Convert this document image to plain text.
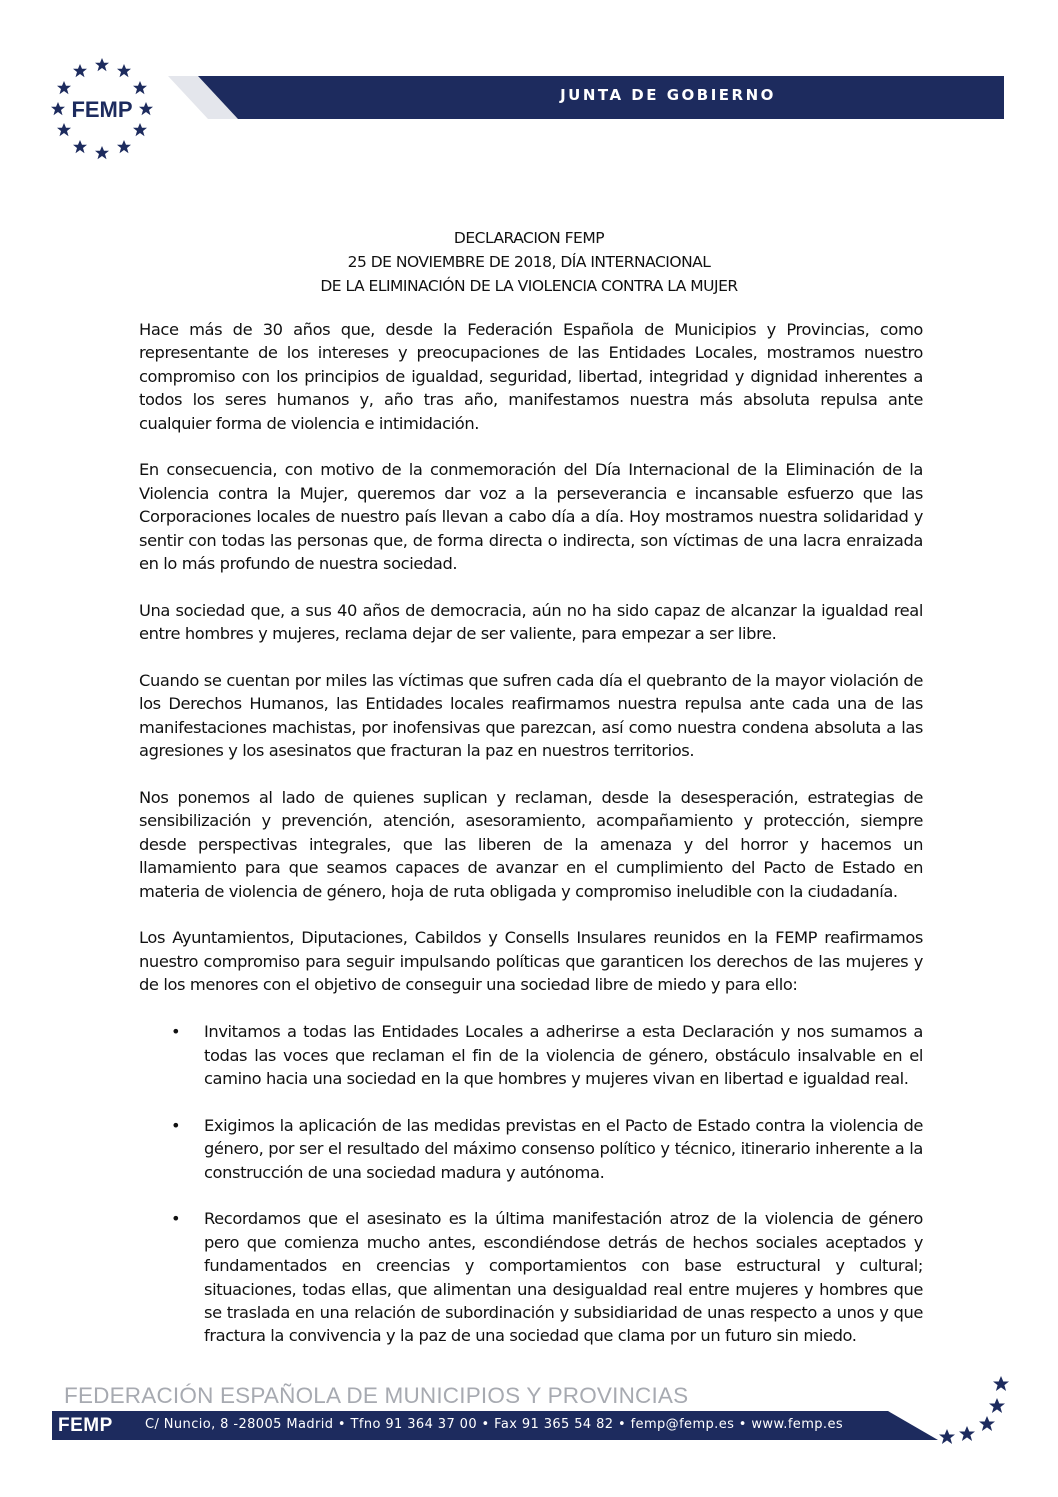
FEMP
JUNTA DE GOBIERNO
DECLARACION FEMP
25 DE NOVIEMBRE DE 2018, DÍA INTERNACIONAL
DE LA ELIMINACIÓN DE LA VIOLENCIA CONTRA LA MUJER

Hace más de 30 años que, desde la Federación Española de Municipios y Provincias, como representante de los intereses y preocupaciones de las Entidades Locales, mostramos nuestro compromiso con los principios de igualdad, seguridad, libertad, integridad y dignidad inherentes a todos los seres humanos y, año tras año, manifestamos nuestra más absoluta repulsa ante cualquier forma de violencia e intimidación.

En consecuencia, con motivo de la conmemoración del Día Internacional de la Eliminación de la Violencia contra la Mujer, queremos dar voz a la perseverancia e incansable esfuerzo que las Corporaciones locales de nuestro país llevan a cabo día a día. Hoy mostramos nuestra solidaridad y sentir con todas las personas que, de forma directa o indirecta, son víctimas de una lacra enraizada en lo más profundo de nuestra sociedad.

Una sociedad que, a sus 40 años de democracia, aún no ha sido capaz de alcanzar la igualdad real entre hombres y mujeres, reclama dejar de ser valiente, para empezar a ser libre.

Cuando se cuentan por miles las víctimas que sufren cada día el quebranto de la mayor violación de los Derechos Humanos, las Entidades locales reafirmamos nuestra repulsa ante cada una de las manifestaciones machistas, por inofensivas que parezcan, así como nuestra condena absoluta a las agresiones y los asesinatos que fracturan la paz en nuestros territorios.

Nos ponemos al lado de quienes suplican y reclaman, desde la desesperación, estrategias de sensibilización y prevención, atención, asesoramiento, acompañamiento y protección, siempre desde perspectivas integrales, que las liberen de la amenaza y del horror y hacemos un llamamiento para que seamos capaces de avanzar en el cumplimiento del Pacto de Estado en materia de violencia de género, hoja de ruta obligada y compromiso ineludible con la ciudadanía.

Los Ayuntamientos, Diputaciones, Cabildos y Consells Insulares reunidos en la FEMP reafirmamos nuestro compromiso para seguir impulsando políticas que garanticen los derechos de las mujeres y de los menores con el objetivo de conseguir una sociedad libre de miedo y para ello:

• Invitamos a todas las Entidades Locales a adherirse a esta Declaración y nos sumamos a todas las voces que reclaman el fin de la violencia de género, obstáculo insalvable en el camino hacia una sociedad en la que hombres y mujeres vivan en libertad e igualdad real.
• Exigimos la aplicación de las medidas previstas en el Pacto de Estado contra la violencia de género, por ser el resultado del máximo consenso político y técnico, itinerario inherente a la construcción de una sociedad madura y autónoma.
• Recordamos que el asesinato es la última manifestación atroz de la violencia de género pero que comienza mucho antes, escondiéndose detrás de hechos sociales aceptados y fundamentados en creencias y comportamientos con base estructural y cultural; situaciones, todas ellas, que alimentan una desigualdad real entre mujeres y hombres que se traslada en una relación de subordinación y subsidiaridad de unas respecto a unos y que fractura la convivencia y la paz de una sociedad que clama por un futuro sin miedo.
FEDERACIÓN ESPAÑOLA DE MUNICIPIOS Y PROVINCIAS
FEMP C/ Nuncio, 8 -28005 Madrid • Tfno 91 364 37 00 • Fax 91 365 54 82 • femp@femp.es • www.femp.es
